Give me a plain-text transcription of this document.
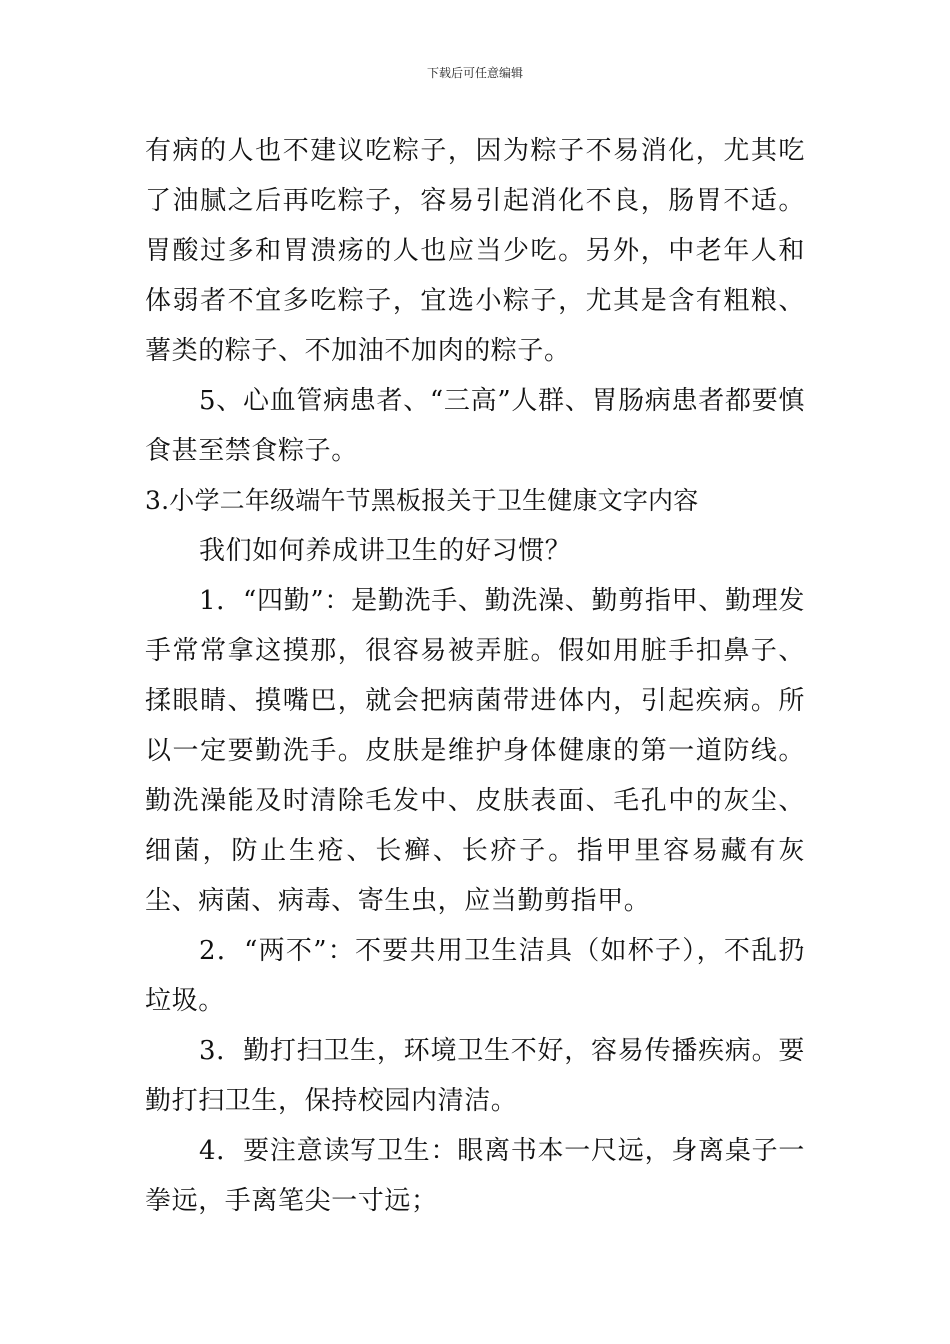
下载后可任意编辑

有病的人也不建议吃粽子，因为粽子不易消化，尤其吃了油腻之后再吃粽子，容易引起消化不良，肠胃不适。胃酸过多和胃溃疡的人也应当少吃。另外，中老年人和体弱者不宜多吃粽子，宜选小粽子，尤其是含有粗粮、薯类的粽子、不加油不加肉的粽子。

5、心血管病患者、“三高”人群、胃肠病患者都要慎食甚至禁食粽子。

3.小学二年级端午节黑板报关于卫生健康文字内容

我们如何养成讲卫生的好习惯？

1．“四勤”：是勤洗手、勤洗澡、勤剪指甲、勤理发手常常拿这摸那，很容易被弄脏。假如用脏手扣鼻子、揉眼睛、摸嘴巴，就会把病菌带进体内，引起疾病。所以一定要勤洗手。皮肤是维护身体健康的第一道防线。勤洗澡能及时清除毛发中、皮肤表面、毛孔中的灰尘、细菌，防止生疮、长癣、长疥子。指甲里容易藏有灰尘、病菌、病毒、寄生虫，应当勤剪指甲。

2．“两不”：不要共用卫生洁具（如杯子），不乱扔垃圾。

3．勤打扫卫生，环境卫生不好，容易传播疾病。要勤打扫卫生，保持校园内清洁。

4．要注意读写卫生：眼离书本一尺远，身离桌子一拳远，手离笔尖一寸远；
